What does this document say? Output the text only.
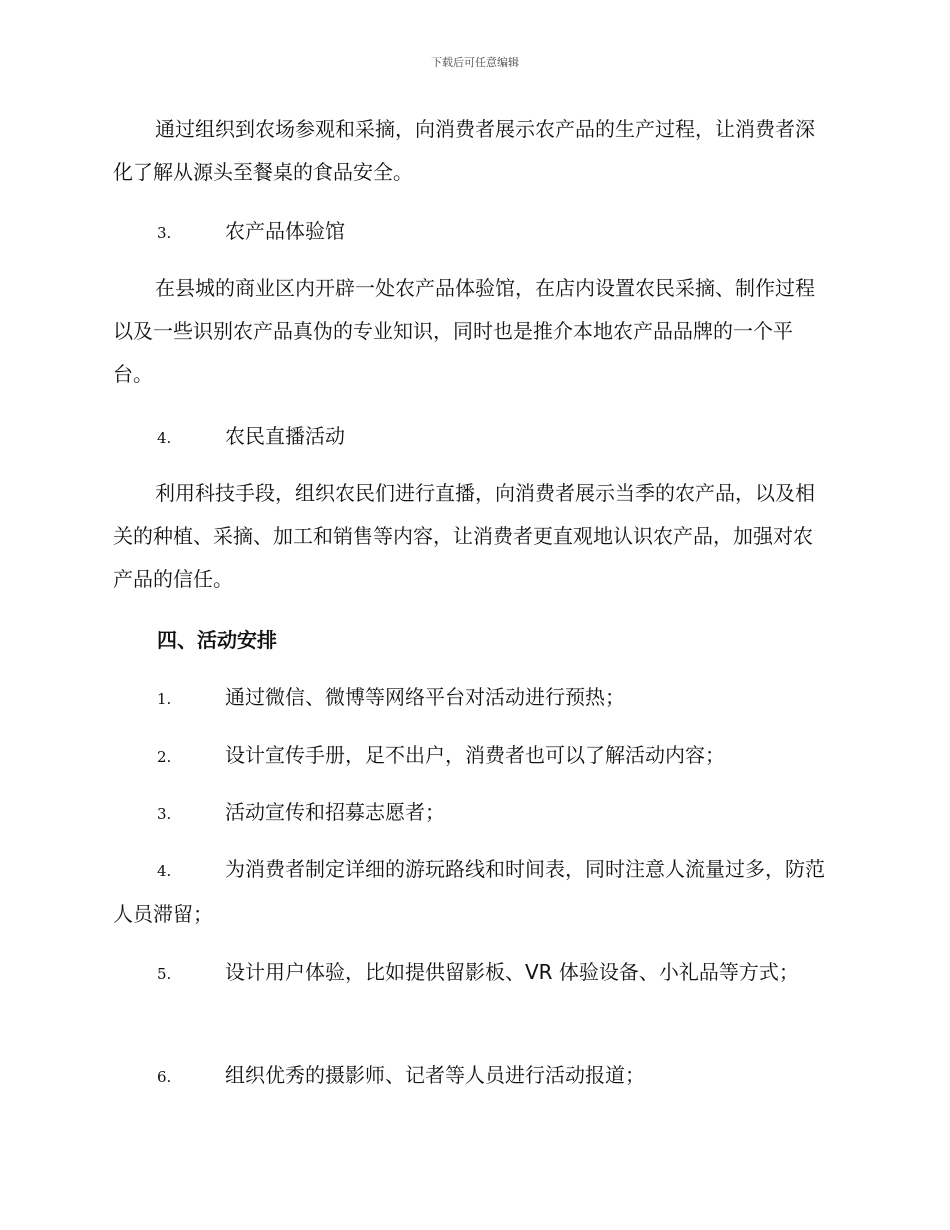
下载后可任意编辑

通过组织到农场参观和采摘，向消费者展示农产品的生产过程，让消费者深化了解从源头至餐桌的食品安全。

3.	农产品体验馆

在县城的商业区内开辟一处农产品体验馆，在店内设置农民采摘、制作过程以及一些识别农产品真伪的专业知识，同时也是推介本地农产品品牌的一个平台。

4.	农民直播活动

利用科技手段，组织农民们进行直播，向消费者展示当季的农产品，以及相关的种植、采摘、加工和销售等内容，让消费者更直观地认识农产品，加强对农产品的信任。

四、活动安排

1.	通过微信、微博等网络平台对活动进行预热；

2.	设计宣传手册，足不出户，消费者也可以了解活动内容；

3.	活动宣传和招募志愿者；

4.	为消费者制定详细的游玩路线和时间表，同时注意人流量过多，防范人员滞留；

5.	设计用户体验，比如提供留影板、VR 体验设备、小礼品等方式；

6.	组织优秀的摄影师、记者等人员进行活动报道；
